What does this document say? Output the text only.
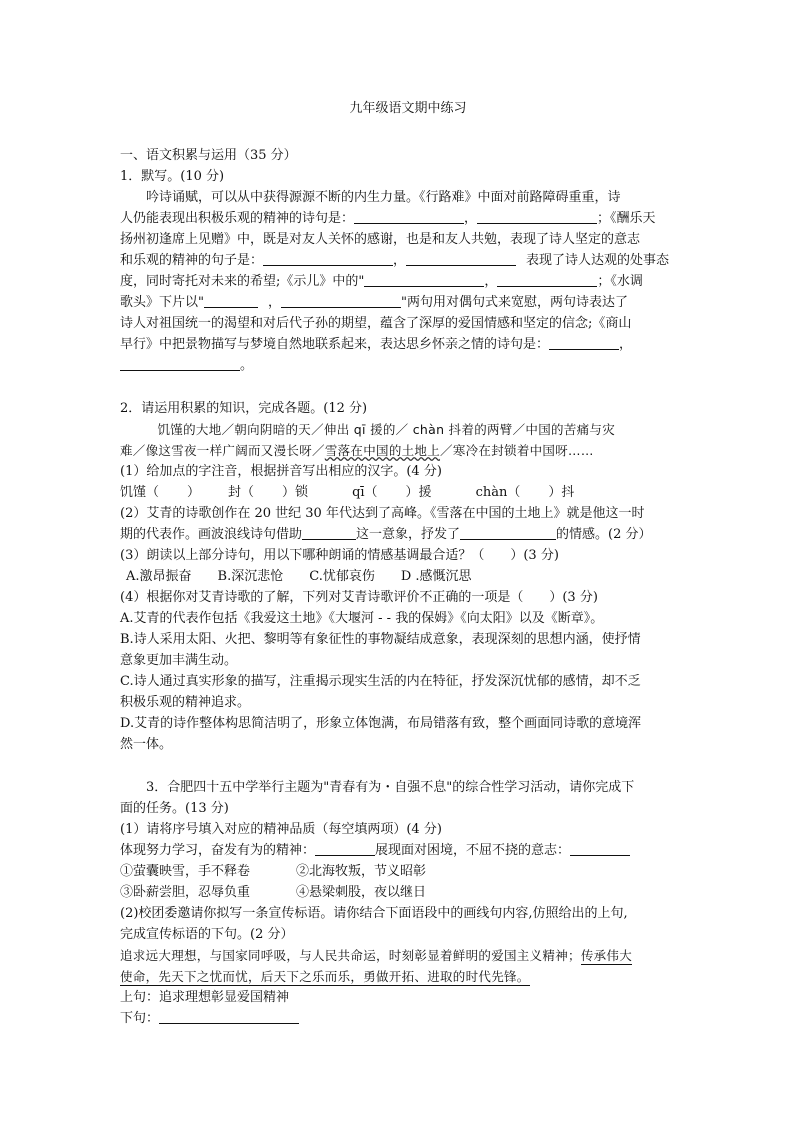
九年级语文期中练习

一、语文积累与运用（35 分）

1．默写。(10 分)

吟诗诵赋，可以从中获得源源不断的内生力量。《行路难》中面对前路障碍重重，诗

人仍能表现出积极乐观的精神的诗句是：	，	；《酬乐天

扬州初逢席上见赠》中，既是对友人关怀的感谢，也是和友人共勉，表现了诗人坚定的意志

和乐观的精神的句子是：	，	表现了诗人达观的处事态

度，同时寄托对未来的希望;《示儿》中的"	，	；《水调

歌头》下片以"	，	"两句用对偶句式来宽慰，两句诗表达了

诗人对祖国统一的渴望和对后代子孙的期望，蕴含了深厚的爱国情感和坚定的信念;《商山

早行》中把景物描写与梦境自然地联系起来，表达思乡怀亲之情的诗句是：	，

。

2．请运用积累的知识，完成各题。(12 分)

饥馑的大地／朝向阴暗的天／伸出 qī 援的／ chàn 抖着的两臂／中国的苦痛与灾

难／像这雪夜一样广阔而又漫长呀／雪落在中国的土地上／寒冷在封锁着中国呀……

(1）给加点的字注音，根据拼音写出相应的汉字。(4 分)

饥馑（ ） 封（ ）锁	qī（ ）援	chàn（ ）抖

(2）艾青的诗歌创作在 20 世纪 30 年代达到了高峰。《雪落在中国的土地上》就是他这一时

期的代表作。画波浪线诗句借助	这一意象，抒发了	的情感。(2 分）

(3）朗读以上部分诗句，用以下哪种朗诵的情感基调最合适？（　　）(3 分)

A.激昂振奋　　B.深沉悲怆　　C.忧郁哀伤　　D .感慨沉思

(4）根据你对艾青诗歌的了解，下列对艾青诗歌评价不正确的一项是（　　）(3 分)

A.艾青的代表作包括《我爱这土地》《大堰河 - - 我的保姆》《向太阳》以及《断章》。

B.诗人采用太阳、火把、黎明等有象征性的事物凝结成意象，表现深刻的思想内涵，使抒情

意象更加丰满生动。

C.诗人通过真实形象的描写，注重揭示现实生活的内在特征，抒发深沉忧郁的感情，却不乏

积极乐观的精神追求。

D.艾青的诗作整体构思简洁明了，形象立体饱满，布局错落有致，整个画面同诗歌的意境浑

然一体。

3．合肥四十五中学举行主题为"青春有为・自强不息"的综合性学习活动，请你完成下

面的任务。(13 分)

(1）请将序号填入对应的精神品质（每空填两项）(4 分)

体现努力学习，奋发有为的精神：	展现面对困境，不屈不挠的意志：

①萤囊映雪，手不释卷	②北海牧叛，节义昭彰

③卧薪尝胆，忍辱负重	④悬梁刺股，夜以继日

(2)校团委邀请你拟写一条宣传标语。请你结合下面语段中的画线句内容,仿照给出的上句,

完成宣传标语的下句。(2 分）

追求远大理想，与国家同呼吸，与人民共命运，时刻彰显着鲜明的爱国主义精神；传承伟大

使命，先天下之忧而忧，后天下之乐而乐，勇做开拓、进取的时代先锋。

上句：追求理想彰显爱国精神

下句：
